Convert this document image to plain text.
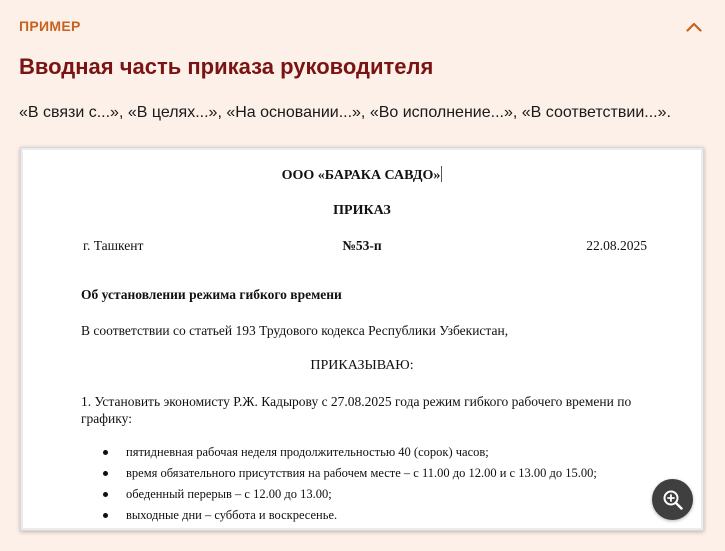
ПРИМЕР
Вводная часть приказа руководителя
«В связи с...», «В целях...», «На основании...», «Во исполнение...», «В соответствии...».
ООО «БАРАКА САВДО»
ПРИКАЗ
г. Ташкент	№53-п	22.08.2025
Об установлении режима гибкого времени
В соответствии со статьей 193 Трудового кодекса Республики Узбекистан,
ПРИКАЗЫВАЮ:
1. Установить экономисту Р.Ж. Кадырову с 27.08.2025 года режим гибкого рабочего времени по графику:
пятидневная рабочая неделя продолжительностью 40 (сорок) часов;
время обязательного присутствия на рабочем месте – с 11.00 до 12.00 и с 13.00 до 15.00;
обеденный перерыв – с 12.00 до 13.00;
выходные дни – суббота и воскресенье.
